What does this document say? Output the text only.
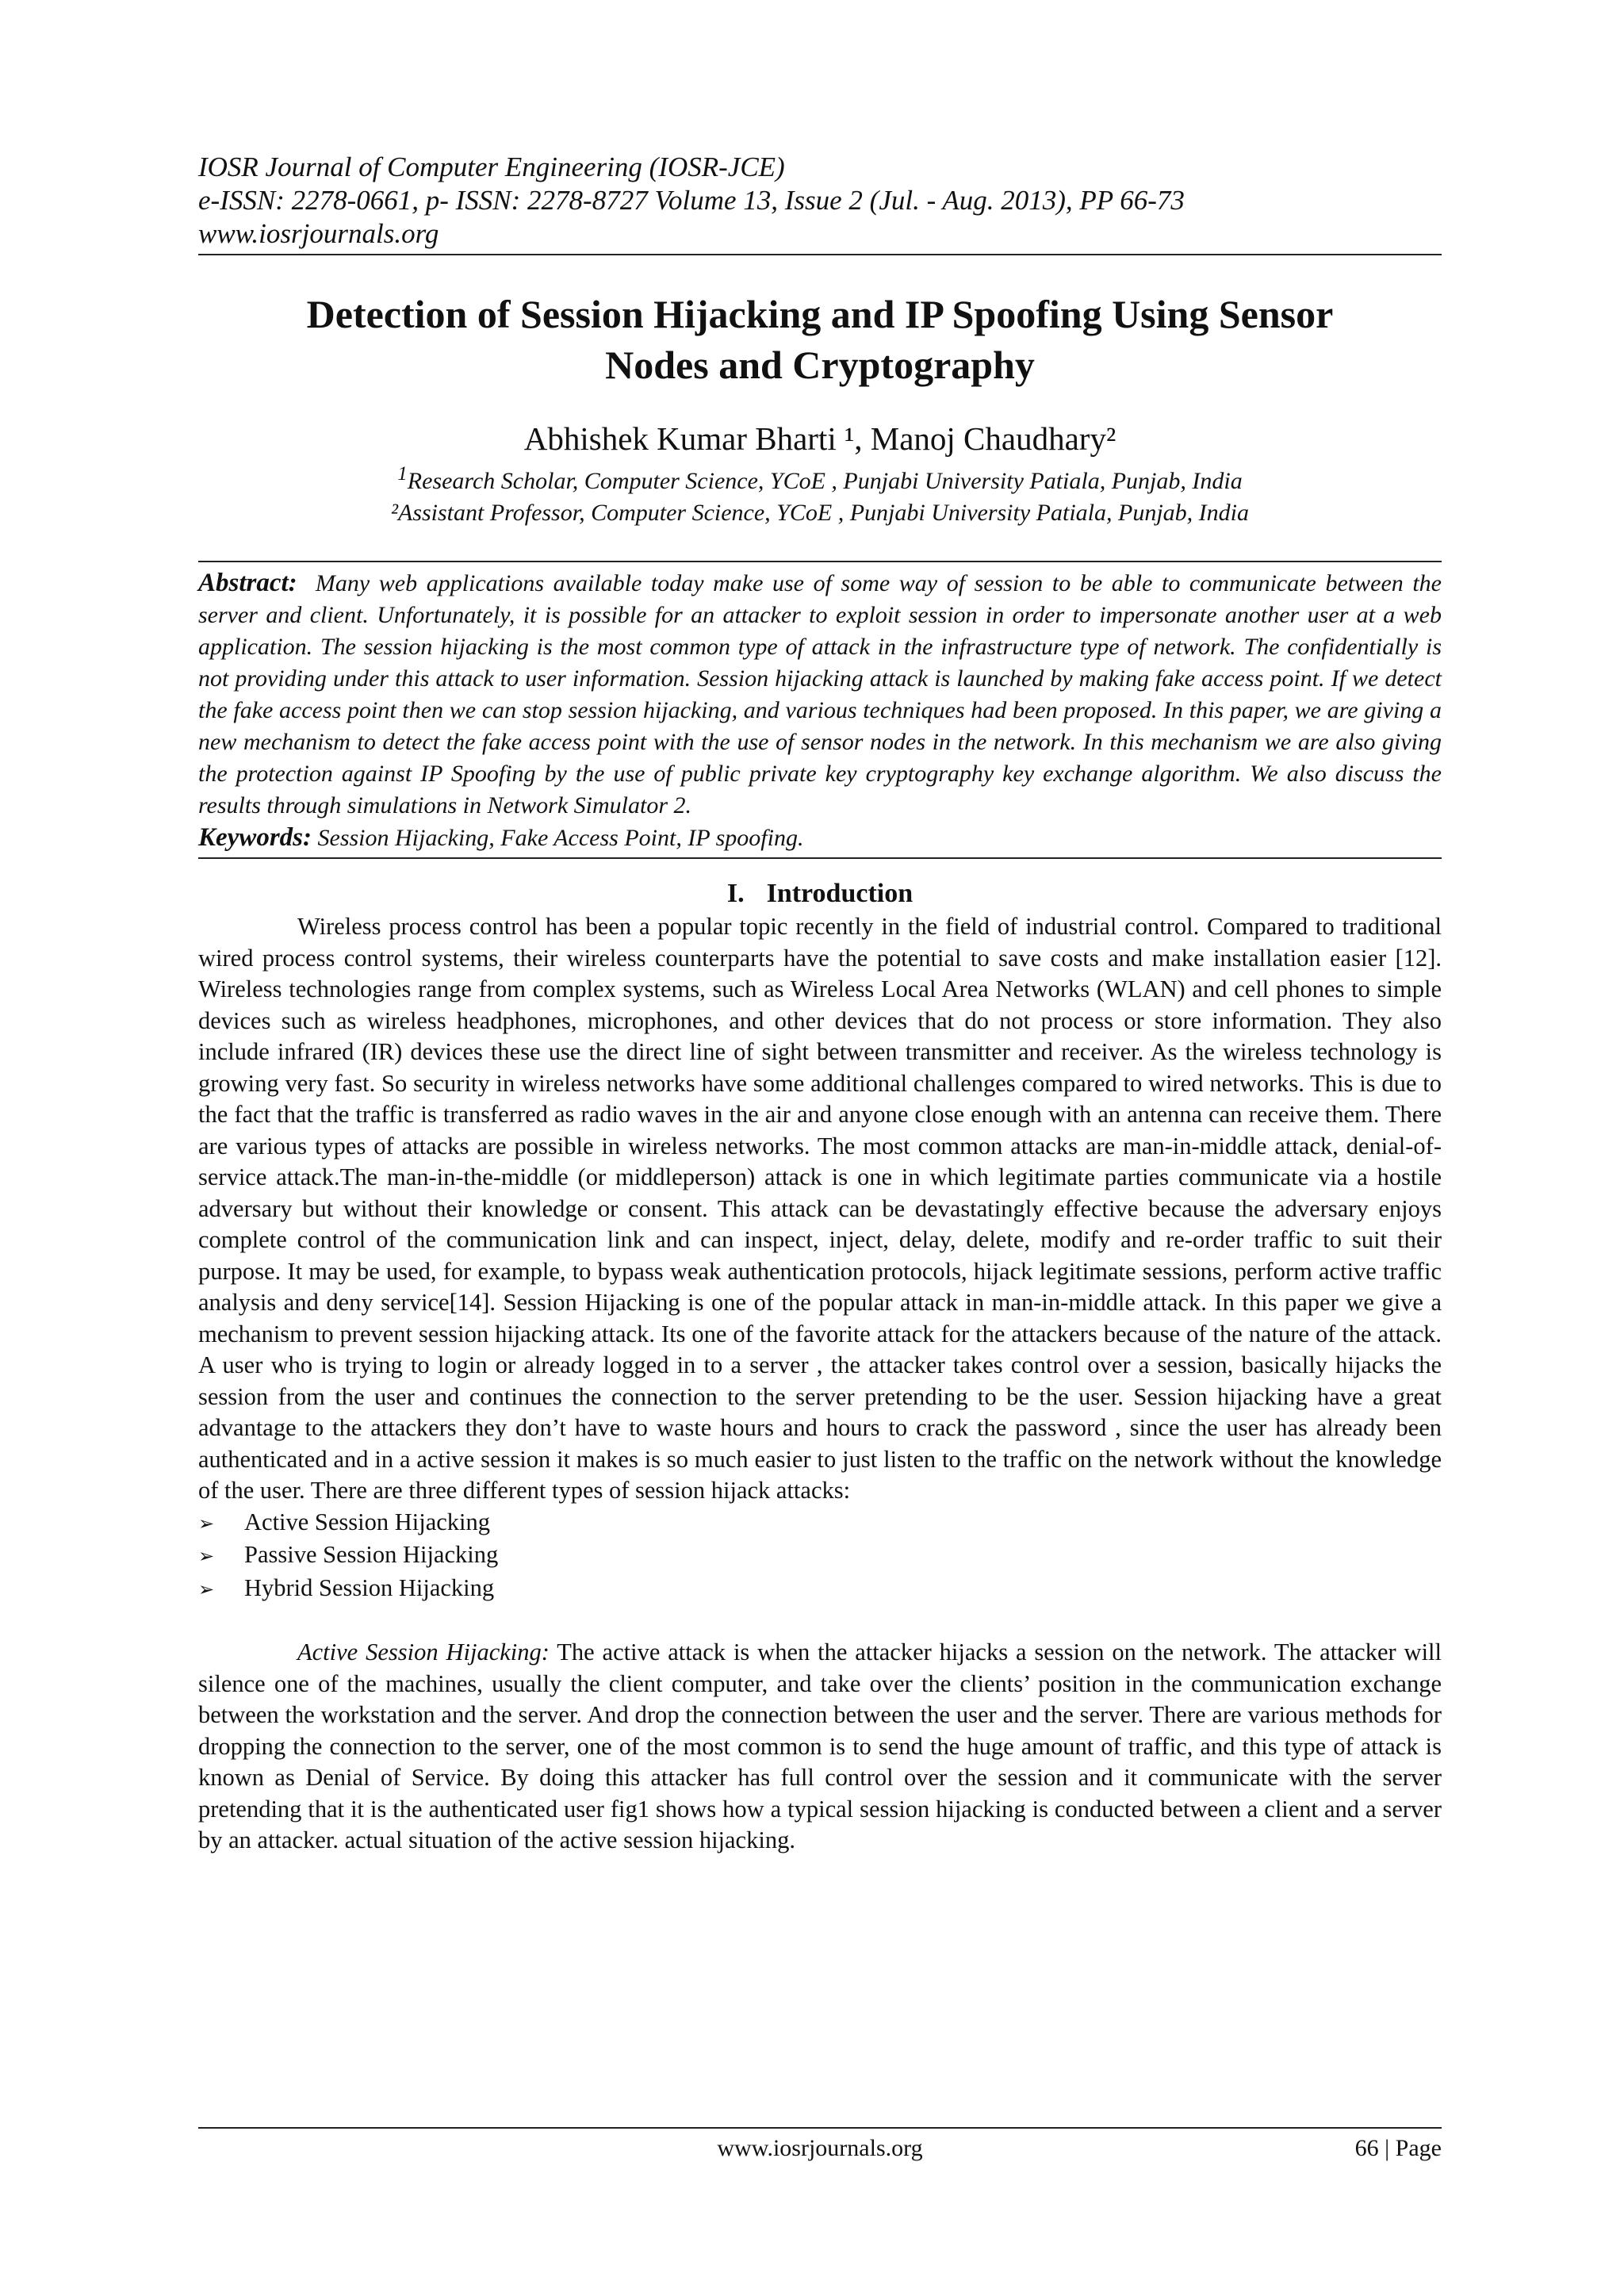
IOSR Journal of Computer Engineering (IOSR-JCE)
e-ISSN: 2278-0661, p- ISSN: 2278-8727 Volume 13, Issue 2 (Jul. - Aug. 2013), PP 66-73
www.iosrjournals.org
Detection of Session Hijacking and IP Spoofing Using Sensor
Nodes and Cryptography
Abhishek Kumar Bharti ¹, Manoj Chaudhary²
$^1$Research Scholar, Computer Science, YCoE , Punjabi University Patiala, Punjab, India
²Assistant Professor, Computer Science, YCoE , Punjabi University Patiala, Punjab, India
Abstract: Many web applications available today make use of some way of session to be able to communicate between the server and client. Unfortunately, it is possible for an attacker to exploit session in order to impersonate another user at a web application. The session hijacking is the most common type of attack in the infrastructure type of network. The confidentially is not providing under this attack to user information. Session hijacking attack is launched by making fake access point. If we detect the fake access point then we can stop session hijacking, and various techniques had been proposed. In this paper, we are giving a new mechanism to detect the fake access point with the use of sensor nodes in the network. In this mechanism we are also giving the protection against IP Spoofing by the use of public private key cryptography key exchange algorithm. We also discuss the results through simulations in Network Simulator 2.
Keywords: Session Hijacking, Fake Access Point, IP spoofing.
I. Introduction
Wireless process control has been a popular topic recently in the field of industrial control. Compared to traditional wired process control systems, their wireless counterparts have the potential to save costs and make installation easier [12]. Wireless technologies range from complex systems, such as Wireless Local Area Networks (WLAN) and cell phones to simple devices such as wireless headphones, microphones, and other devices that do not process or store information. They also include infrared (IR) devices these use the direct line of sight between transmitter and receiver. As the wireless technology is growing very fast. So security in wireless networks have some additional challenges compared to wired networks. This is due to the fact that the traffic is transferred as radio waves in the air and anyone close enough with an antenna can receive them. There are various types of attacks are possible in wireless networks. The most common attacks are man-in-middle attack, denial-of-service attack.The man-in-the-middle (or middleperson) attack is one in which legitimate parties communicate via a hostile adversary but without their knowledge or consent. This attack can be devastatingly effective because the adversary enjoys complete control of the communication link and can inspect, inject, delay, delete, modify and re-order traffic to suit their purpose. It may be used, for example, to bypass weak authentication protocols, hijack legitimate sessions, perform active traffic analysis and deny service[14]. Session Hijacking is one of the popular attack in man-in-middle attack. In this paper we give a mechanism to prevent session hijacking attack. Its one of the favorite attack for the attackers because of the nature of the attack. A user who is trying to login or already logged in to a server , the attacker takes control over a session, basically hijacks the session from the user and continues the connection to the server pretending to be the user. Session hijacking have a great advantage to the attackers they don’t have to waste hours and hours to crack the password , since the user has already been authenticated and in a active session it makes is so much easier to just listen to the traffic on the network without the knowledge of the user. There are three different types of session hijack attacks:
➢	Active Session Hijacking
➢	Passive Session Hijacking
➢	Hybrid Session Hijacking
Active Session Hijacking: The active attack is when the attacker hijacks a session on the network. The attacker will silence one of the machines, usually the client computer, and take over the clients’ position in the communication exchange between the workstation and the server. And drop the connection between the user and the server. There are various methods for dropping the connection to the server, one of the most common is to send the huge amount of traffic, and this type of attack is known as Denial of Service. By doing this attacker has full control over the session and it communicate with the server pretending that it is the authenticated user fig1 shows how a typical session hijacking is conducted between a client and a server by an attacker. actual situation of the active session hijacking.
www.iosrjournals.org	66 | Page
